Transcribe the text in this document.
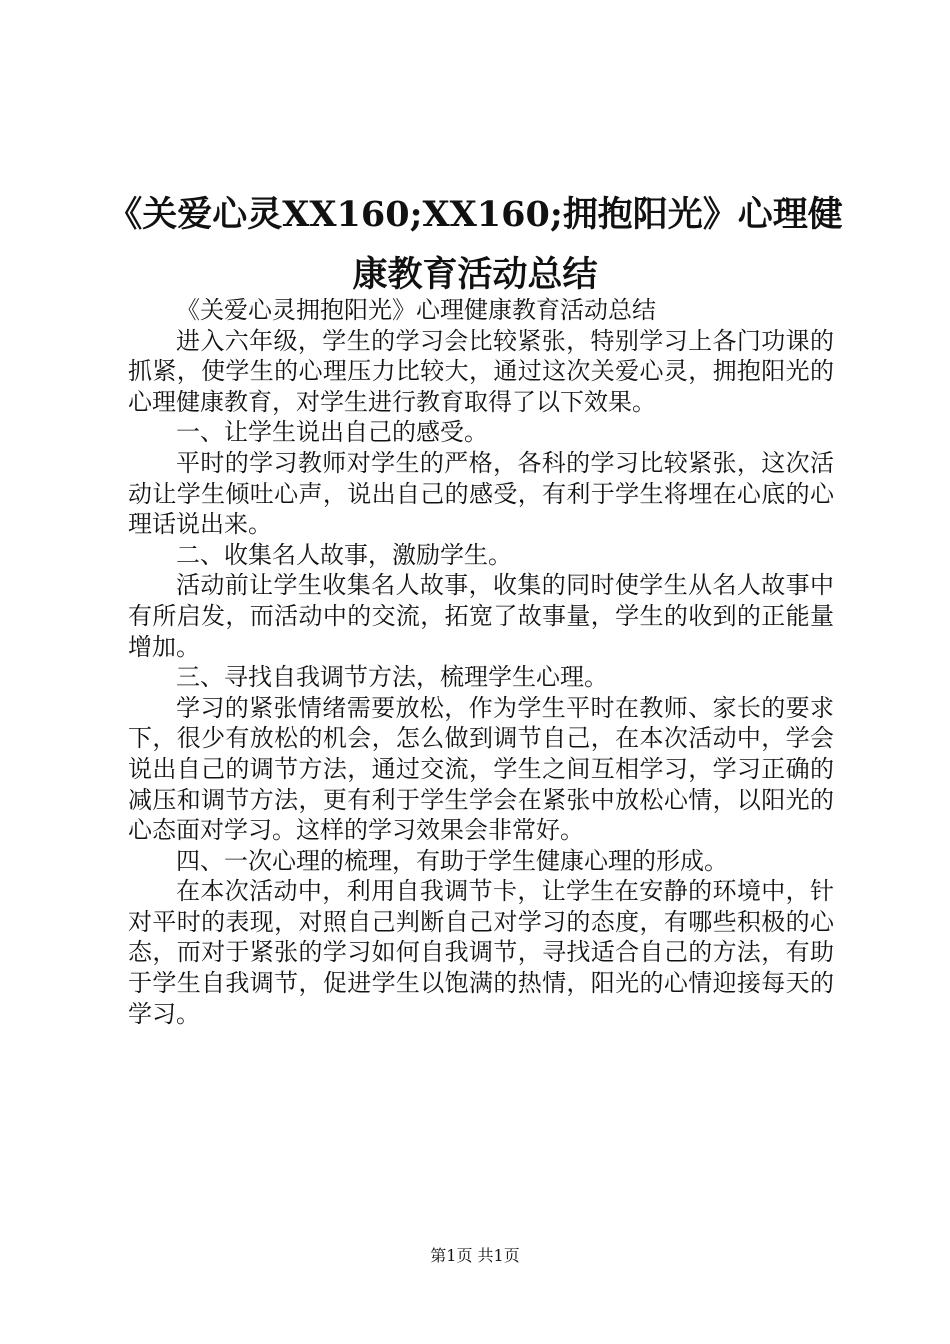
《关爱心灵XX160;XX160;拥抱阳光》心理健
康教育活动总结

《关爱心灵拥抱阳光》心理健康教育活动总结

进入六年级，学生的学习会比较紧张，特别学习上各门功课的抓紧，使学生的心理压力比较大，通过这次关爱心灵，拥抱阳光的心理健康教育，对学生进行教育取得了以下效果。

一、让学生说出自己的感受。

平时的学习教师对学生的严格，各科的学习比较紧张，这次活动让学生倾吐心声，说出自己的感受，有利于学生将埋在心底的心理话说出来。

二、收集名人故事，激励学生。

活动前让学生收集名人故事，收集的同时使学生从名人故事中有所启发，而活动中的交流，拓宽了故事量，学生的收到的正能量增加。

三、寻找自我调节方法，梳理学生心理。

学习的紧张情绪需要放松，作为学生平时在教师、家长的要求下，很少有放松的机会，怎么做到调节自己，在本次活动中，学会说出自己的调节方法，通过交流，学生之间互相学习，学习正确的减压和调节方法，更有利于学生学会在紧张中放松心情，以阳光的心态面对学习。这样的学习效果会非常好。

四、一次心理的梳理，有助于学生健康心理的形成。

在本次活动中，利用自我调节卡，让学生在安静的环境中，针对平时的表现，对照自己判断自己对学习的态度，有哪些积极的心态，而对于紧张的学习如何自我调节，寻找适合自己的方法，有助于学生自我调节，促进学生以饱满的热情，阳光的心情迎接每天的学习。

第1页 共1页
